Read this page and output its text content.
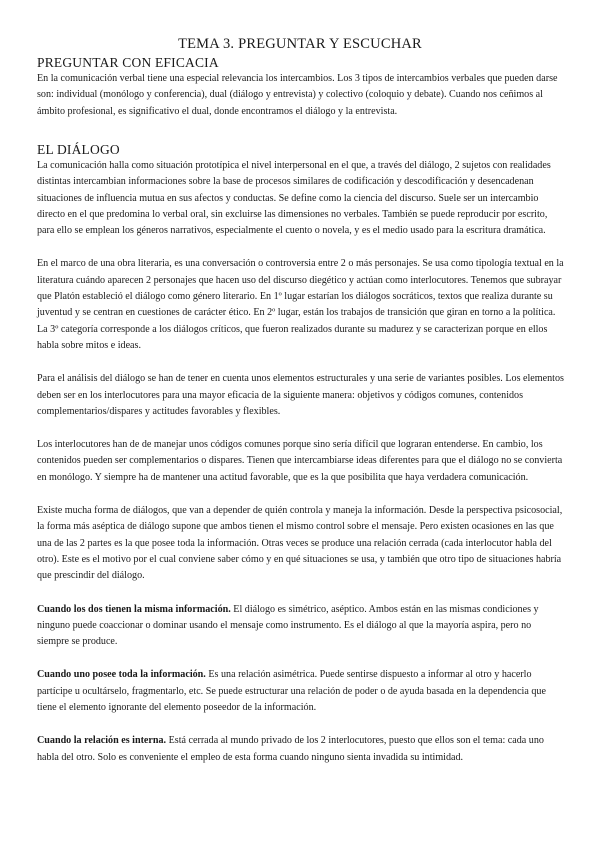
TEMA 3. PREGUNTAR Y ESCUCHAR
PREGUNTAR CON EFICACIA

En la comunicación verbal tiene una especial relevancia los intercambios. Los 3 tipos de intercambios verbales que pueden darse son: individual (monólogo y conferencia), dual (diálogo y entrevista) y colectivo (coloquio y debate). Cuando nos ceñimos al ámbito profesional, es significativo el dual, donde encontramos el diálogo y la entrevista.

EL DIÁLOGO

La comunicación halla como situación prototípica el nivel interpersonal en el que, a través del diálogo, 2 sujetos con realidades distintas intercambian informaciones sobre la base de procesos similares de codificación y descodificación y desencadenan situaciones de influencia mutua en sus afectos y conductas. Se define como la ciencia del discurso. Suele ser un intercambio directo en el que predomina lo verbal oral, sin excluirse las dimensiones no verbales. También se puede reproducir por escrito, para ello se emplean los géneros narrativos, especialmente el cuento o novela, y es el medio usado para la escritura dramática.

En el marco de una obra literaria, es una conversación o controversia entre 2 o más personajes. Se usa como tipología textual en la literatura cuándo aparecen 2 personajes que hacen uso del discurso diegético y actúan como interlocutores. Tenemos que subrayar que Platón estableció el diálogo como género literario. En 1º lugar estarían los diálogos socráticos, textos que realiza durante su juventud y se centran en cuestiones de carácter ético. En 2º lugar, están los trabajos de transición que giran en torno a la política. La 3º categoría corresponde a los diálogos críticos, que fueron realizados durante su madurez y se caracterizan porque en ellos habla sobre mitos e ideas.

Para el análisis del diálogo se han de tener en cuenta unos elementos estructurales y una serie de variantes posibles. Los elementos deben ser en los interlocutores para una mayor eficacia de la siguiente manera: objetivos y códigos comunes, contenidos complementarios/dispares y actitudes favorables y flexibles.

Los interlocutores han de de manejar unos códigos comunes porque sino sería difícil que lograran entenderse. En cambio, los contenidos pueden ser complementarios o dispares. Tienen que intercambiarse ideas diferentes para que el diálogo no se convierta en monólogo. Y siempre ha de mantener una actitud favorable, que es la que posibilita que haya verdadera comunicación.

Existe mucha forma de diálogos, que van a depender de quién controla y maneja la información. Desde la perspectiva psicosocial, la forma más aséptica de diálogo supone que ambos tienen el mismo control sobre el mensaje. Pero existen ocasiones en las que una de las 2 partes es la que posee toda la información. Otras veces se produce una relación cerrada (cada interlocutor habla del otro). Este es el motivo por el cual conviene saber cómo y en qué situaciones se usa, y también que otro tipo de situaciones habría que prescindir del diálogo.

Cuando los dos tienen la misma información. El diálogo es simétrico, aséptico. Ambos están en las mismas condiciones y ninguno puede coaccionar o dominar usando el mensaje como instrumento. Es el diálogo al que la mayoría aspira, pero no siempre se produce.

Cuando uno posee toda la información. Es una relación asimétrica. Puede sentirse dispuesto a informar al otro y hacerlo partícipe u ocultárselo, fragmentarlo, etc. Se puede estructurar una relación de poder o de ayuda basada en la dependencia que tiene el elemento ignorante del elemento poseedor de la información.

Cuando la relación es interna. Está cerrada al mundo privado de los 2 interlocutores, puesto que ellos son el tema: cada uno habla del otro. Solo es conveniente el empleo de esta forma cuando ninguno sienta invadida su intimidad.
